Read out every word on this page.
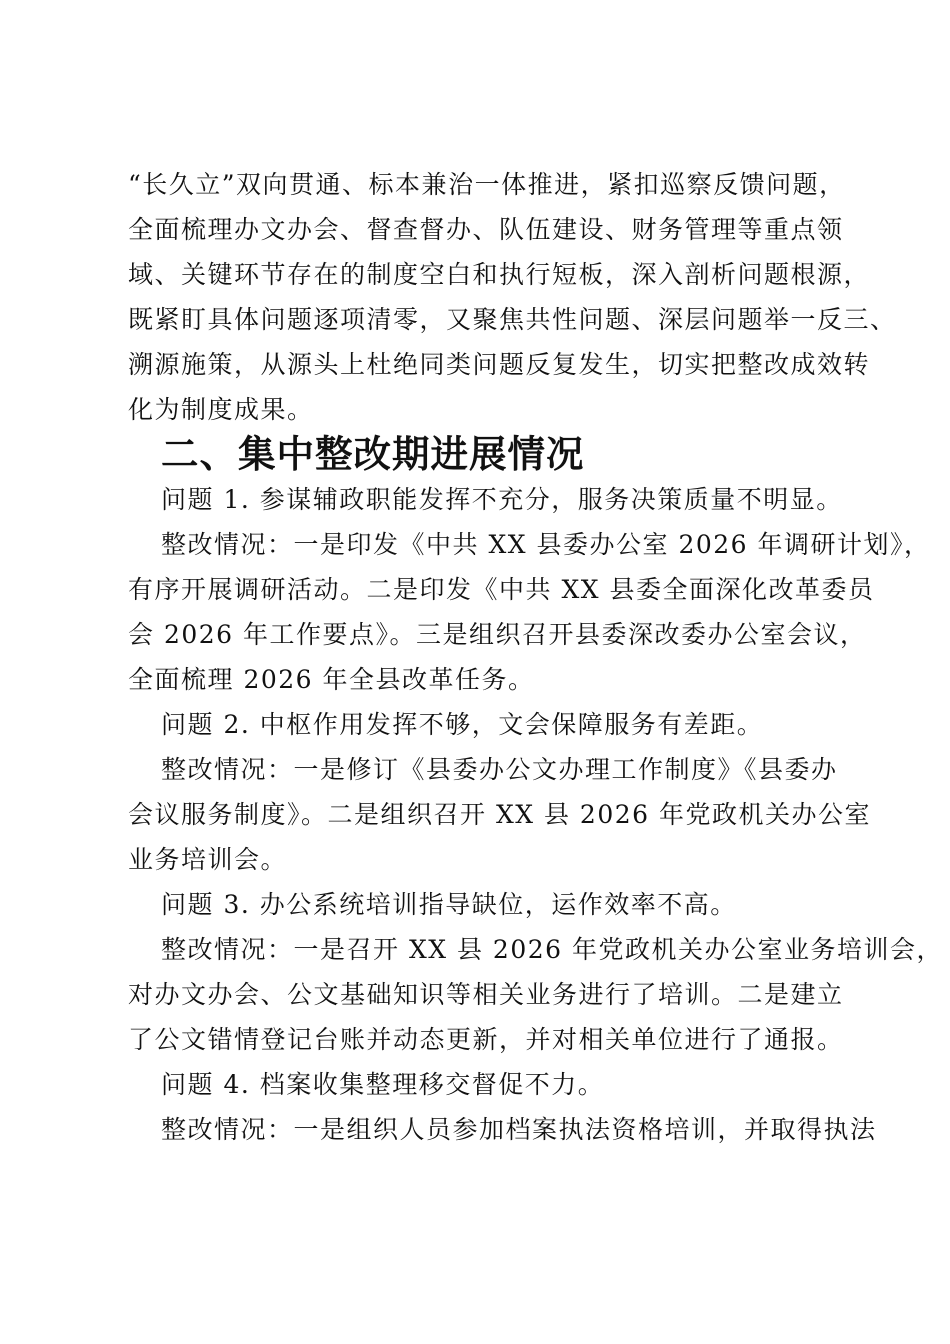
“长久立”双向贯通、标本兼治一体推进，紧扣巡察反馈问题，
全面梳理办文办会、督查督办、队伍建设、财务管理等重点领
域、关键环节存在的制度空白和执行短板，深入剖析问题根源，
既紧盯具体问题逐项清零，又聚焦共性问题、深层问题举一反三、
溯源施策，从源头上杜绝同类问题反复发生，切实把整改成效转
化为制度成果。

二、集中整改期进展情况

问题 1. 参谋辅政职能发挥不充分，服务决策质量不明显。

整改情况：一是印发《中共 XX 县委办公室 2026 年调研计划》，
有序开展调研活动。二是印发《中共 XX 县委全面深化改革委员
会 2026 年工作要点》。三是组织召开县委深改委办公室会议，
全面梳理 2026 年全县改革任务。

问题 2. 中枢作用发挥不够，文会保障服务有差距。

整改情况：一是修订《县委办公文办理工作制度》《县委办
会议服务制度》。二是组织召开 XX 县 2026 年党政机关办公室
业务培训会。

问题 3. 办公系统培训指导缺位，运作效率不高。

整改情况：一是召开 XX 县 2026 年党政机关办公室业务培训会，
对办文办会、公文基础知识等相关业务进行了培训。二是建立
了公文错情登记台账并动态更新，并对相关单位进行了通报。

问题 4. 档案收集整理移交督促不力。

整改情况：一是组织人员参加档案执法资格培训，并取得执法
